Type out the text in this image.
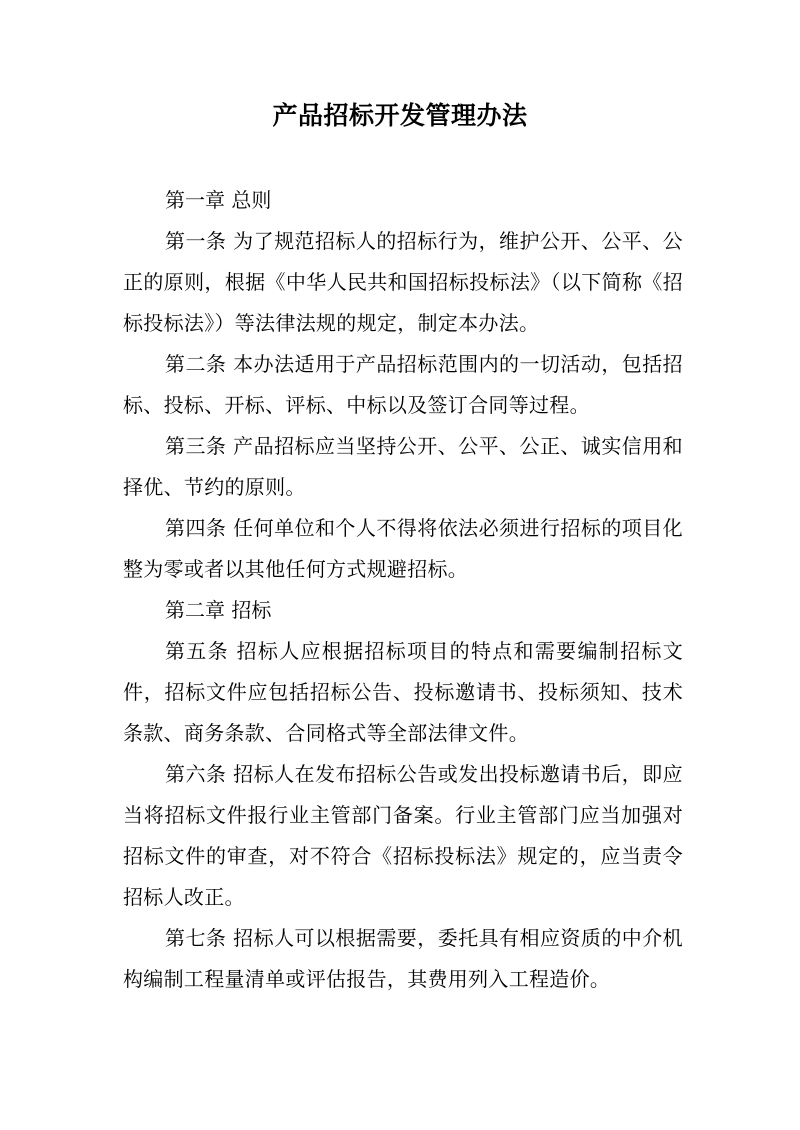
产品招标开发管理办法

第一章 总则

第一条 为了规范招标人的招标行为，维护公开、公平、公正的原则，根据《中华人民共和国招标投标法》（以下简称《招标投标法》）等法律法规的规定，制定本办法。

第二条 本办法适用于产品招标范围内的一切活动，包括招标、投标、开标、评标、中标以及签订合同等过程。

第三条 产品招标应当坚持公开、公平、公正、诚实信用和择优、节约的原则。

第四条 任何单位和个人不得将依法必须进行招标的项目化整为零或者以其他任何方式规避招标。

第二章 招标

第五条 招标人应根据招标项目的特点和需要编制招标文件，招标文件应包括招标公告、投标邀请书、投标须知、技术条款、商务条款、合同格式等全部法律文件。

第六条 招标人在发布招标公告或发出投标邀请书后，即应当将招标文件报行业主管部门备案。行业主管部门应当加强对招标文件的审查，对不符合《招标投标法》规定的，应当责令招标人改正。

第七条 招标人可以根据需要，委托具有相应资质的中介机构编制工程量清单或评估报告，其费用列入工程造价。
